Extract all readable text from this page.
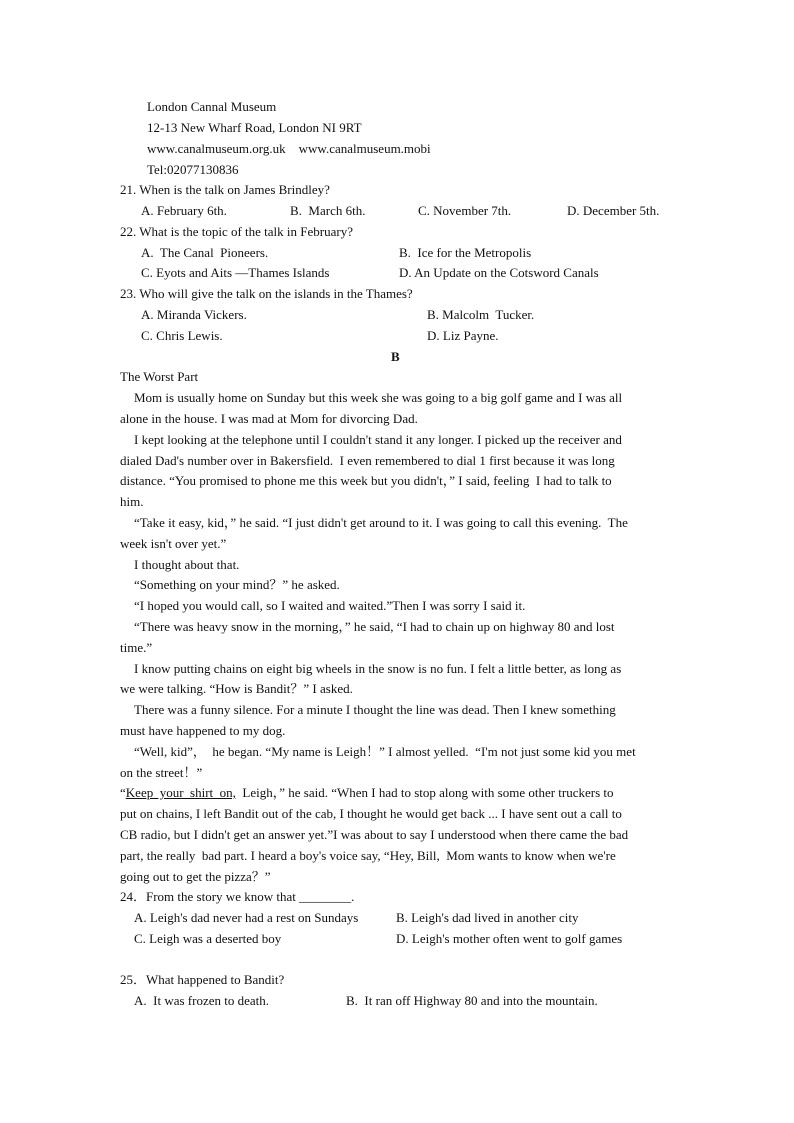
London Cannal Museum
12-13 New Wharf Road, London NI 9RT
www.canalmuseum.org.uk    www.canalmuseum.mobi
Tel:02077130836
21. When is the talk on James Brindley?
A. February 6th.	B.  March 6th.	C. November 7th.	D. December 5th.
22. What is the topic of the talk in February?
A.  The Canal  Pioneers.	B.  Ice for the Metropolis
C. Eyots and Aits —Thames Islands	D. An Update on the Cotsword Canals
23. Who will give the talk on the islands in the Thames?
A. Miranda Vickers.	B. Malcolm  Tucker.
C. Chris Lewis.	D. Liz Payne.
B
The Worst Part
Mom is usually home on Sunday but this week she was going to a big golf game and I was all
alone in the house. I was mad at Mom for divorcing Dad.
I kept looking at the telephone until I couldn't stand it any longer. I picked up the receiver and
dialed Dad's number over in Bakersfield.  I even remembered to dial 1 first because it was long
distance. “You promised to phone me this week but you didn't，” I said, feeling  I had to talk to
him.
“Take it easy, kid，” he said. “I just didn't get around to it. I was going to call this evening.  The
week isn't over yet.”
I thought about that.
“Something on your mind？” he asked.
“I hoped you would call, so I waited and waited.”Then I was sorry I said it.
“There was heavy snow in the morning，” he said, “I had to chain up on highway 80 and lost
time.”
I know putting chains on eight big wheels in the snow is no fun. I felt a little better, as long as
we were talking. “How is Bandit？” I asked.
There was a funny silence. For a minute I thought the line was dead. Then I knew something
must have happened to my dog.
“Well, kid”，  he began. “My name is Leigh！” I almost yelled.  “I'm not just some kid you met
on the street！”
“Keep  your  shirt  on,  Leigh，” he said. “When I had to stop along with some other truckers to
put on chains, I left Bandit out of the cab, I thought he would get back ... I have sent out a call to
CB radio, but I didn't get an answer yet.”I was about to say I understood when there came the bad
part, the really  bad part. I heard a boy's voice say, “Hey, Bill,  Mom wants to know when we're
going out to get the pizza？”
24．From the story we know that ________.
A. Leigh's dad never had a rest on Sundays	B. Leigh's dad lived in another city
C. Leigh was a deserted boy	D. Leigh's mother often went to golf games
25．What happened to Bandit?
A.  It was frozen to death.	B.  It ran off Highway 80 and into the mountain.
